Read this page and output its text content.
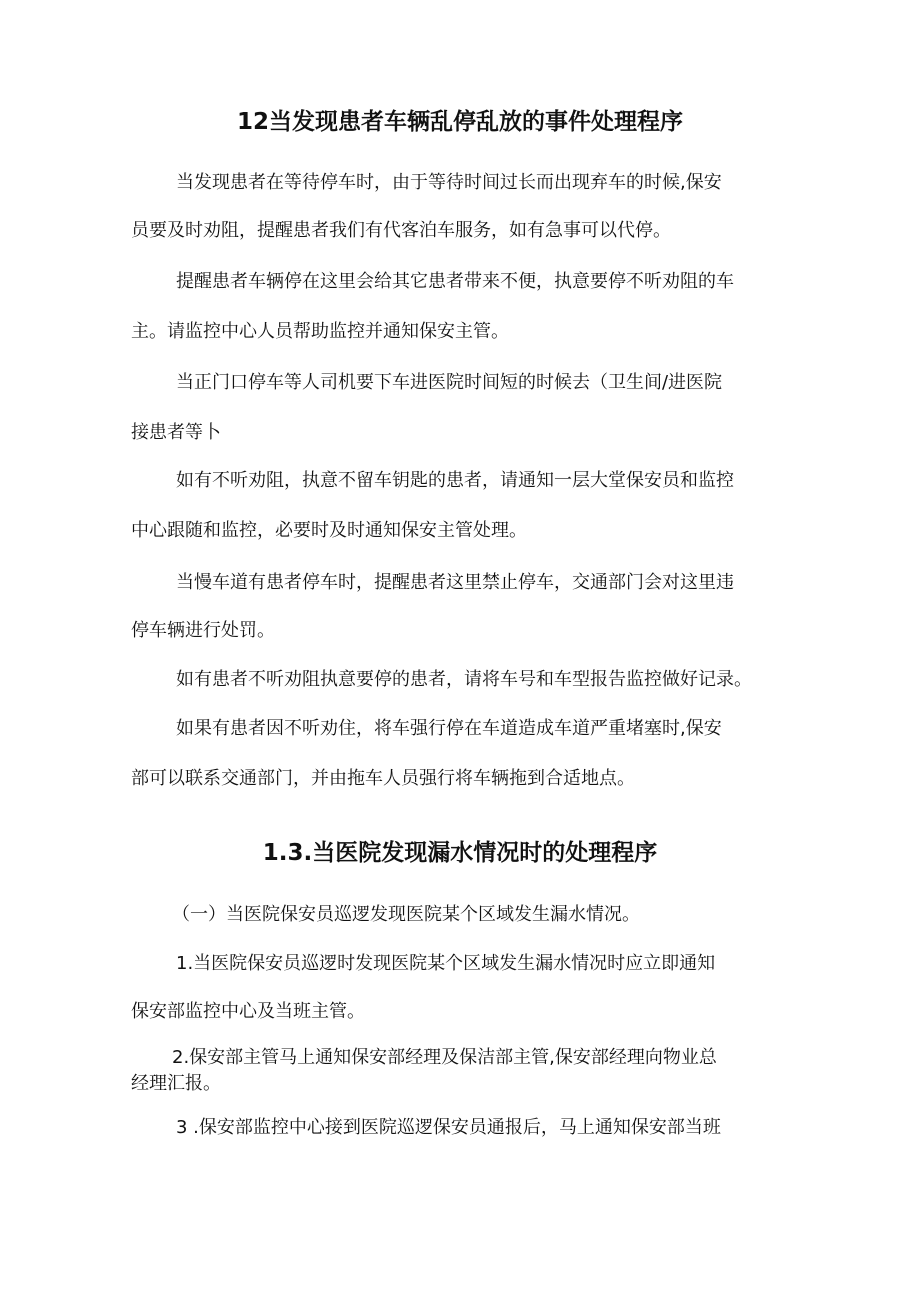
12当发现患者车辆乱停乱放的事件处理程序
当发现患者在等待停车时，由于等待时间过长而出现弃车的时候,保安
员要及时劝阻，提醒患者我们有代客泊车服务，如有急事可以代停。
提醒患者车辆停在这里会给其它患者带来不便，执意要停不听劝阻的车
主。请监控中心人员帮助监控并通知保安主管。
当正门口停车等人司机要下车进医院时间短的时候去（卫生间/进医院
接患者等卜
如有不听劝阻，执意不留车钥匙的患者，请通知一层大堂保安员和监控
中心跟随和监控，必要时及时通知保安主管处理。
当慢车道有患者停车时，提醒患者这里禁止停车，交通部门会对这里违
停车辆进行处罚。
如有患者不听劝阻执意要停的患者，请将车号和车型报告监控做好记录。
如果有患者因不听劝住，将车强行停在车道造成车道严重堵塞时,保安
部可以联系交通部门，并由拖车人员强行将车辆拖到合适地点。
1.3.当医院发现漏水情况时的处理程序
（一）当医院保安员巡逻发现医院某个区域发生漏水情况。
1.当医院保安员巡逻时发现医院某个区域发生漏水情况时应立即通知
保安部监控中心及当班主管。
2.保安部主管马上通知保安部经理及保洁部主管,保安部经理向物业总
经理汇报。
3 .保安部监控中心接到医院巡逻保安员通报后，马上通知保安部当班
